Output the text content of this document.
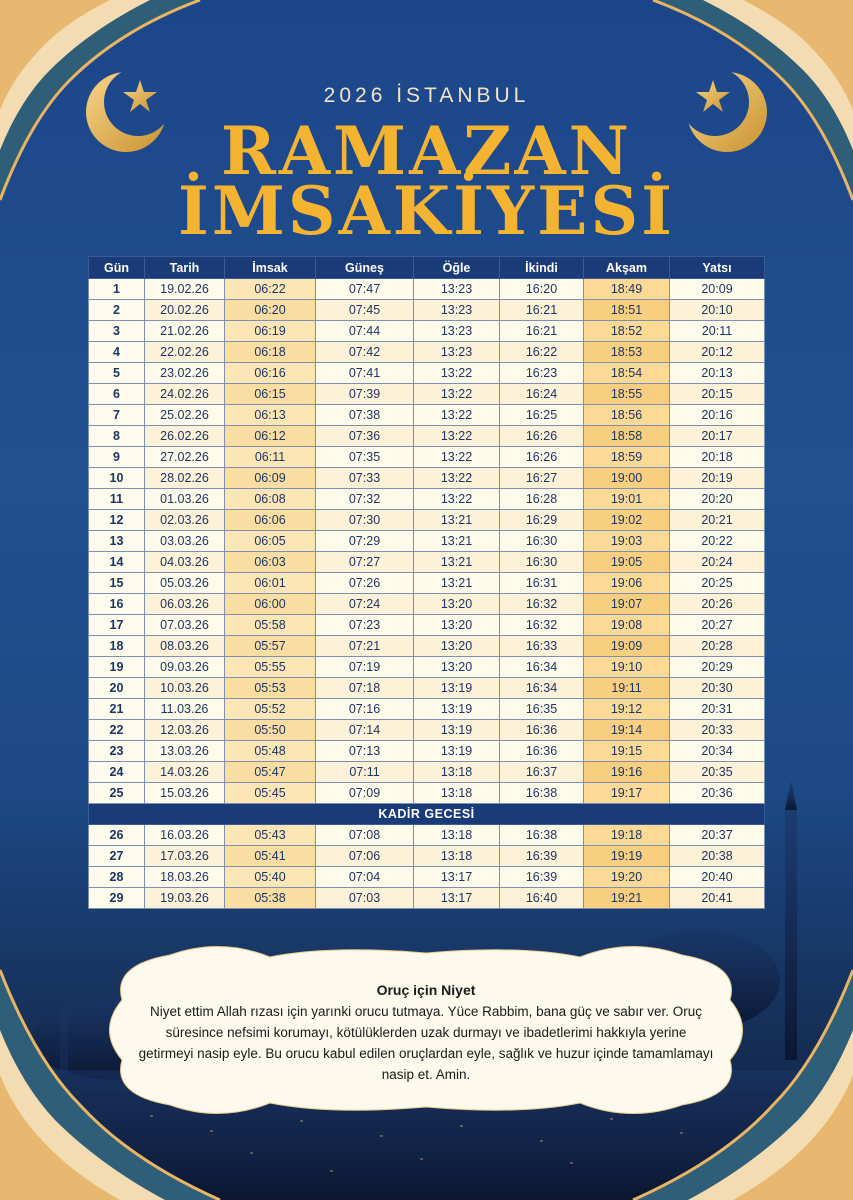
2026 İSTANBUL
RAMAZAN
İMSAKİYESİ
Gün	Tarih	İmsak	Güneş	Öğle	İkindi	Akşam	Yatsı
1	19.02.26	06:22	07:47	13:23	16:20	18:49	20:09
2	20.02.26	06:20	07:45	13:23	16:21	18:51	20:10
3	21.02.26	06:19	07:44	13:23	16:21	18:52	20:11
4	22.02.26	06:18	07:42	13:23	16:22	18:53	20:12
5	23.02.26	06:16	07:41	13:22	16:23	18:54	20:13
6	24.02.26	06:15	07:39	13:22	16:24	18:55	20:15
7	25.02.26	06:13	07:38	13:22	16:25	18:56	20:16
8	26.02.26	06:12	07:36	13:22	16:26	18:58	20:17
9	27.02.26	06:11	07:35	13:22	16:26	18:59	20:18
10	28.02.26	06:09	07:33	13:22	16:27	19:00	20:19
11	01.03.26	06:08	07:32	13:22	16:28	19:01	20:20
12	02.03.26	06:06	07:30	13:21	16:29	19:02	20:21
13	03.03.26	06:05	07:29	13:21	16:30	19:03	20:22
14	04.03.26	06:03	07:27	13:21	16:30	19:05	20:24
15	05.03.26	06:01	07:26	13:21	16:31	19:06	20:25
16	06.03.26	06:00	07:24	13:20	16:32	19:07	20:26
17	07.03.26	05:58	07:23	13:20	16:32	19:08	20:27
18	08.03.26	05:57	07:21	13:20	16:33	19:09	20:28
19	09.03.26	05:55	07:19	13:20	16:34	19:10	20:29
20	10.03.26	05:53	07:18	13:19	16:34	19:11	20:30
21	11.03.26	05:52	07:16	13:19	16:35	19:12	20:31
22	12.03.26	05:50	07:14	13:19	16:36	19:14	20:33
23	13.03.26	05:48	07:13	13:19	16:36	19:15	20:34
24	14.03.26	05:47	07:11	13:18	16:37	19:16	20:35
25	15.03.26	05:45	07:09	13:18	16:38	19:17	20:36
KADİR GECESİ							
26	16.03.26	05:43	07:08	13:18	16:38	19:18	20:37
27	17.03.26	05:41	07:06	13:18	16:39	19:19	20:38
28	18.03.26	05:40	07:04	13:17	16:39	19:20	20:40
29	19.03.26	05:38	07:03	13:17	16:40	19:21	20:41
Oruç için Niyet
Niyet ettim Allah rızası için yarınki orucu tutmaya. Yüce Rabbim, bana güç ve sabır ver. Oruç süresince nefsimi korumayı, kötülüklerden uzak durmayı ve ibadetlerimi hakkıyla yerine getirmeyi nasip eyle. Bu orucu kabul edilen oruçlardan eyle, sağlık ve huzur içinde tamamlamayı nasip et. Amin.
